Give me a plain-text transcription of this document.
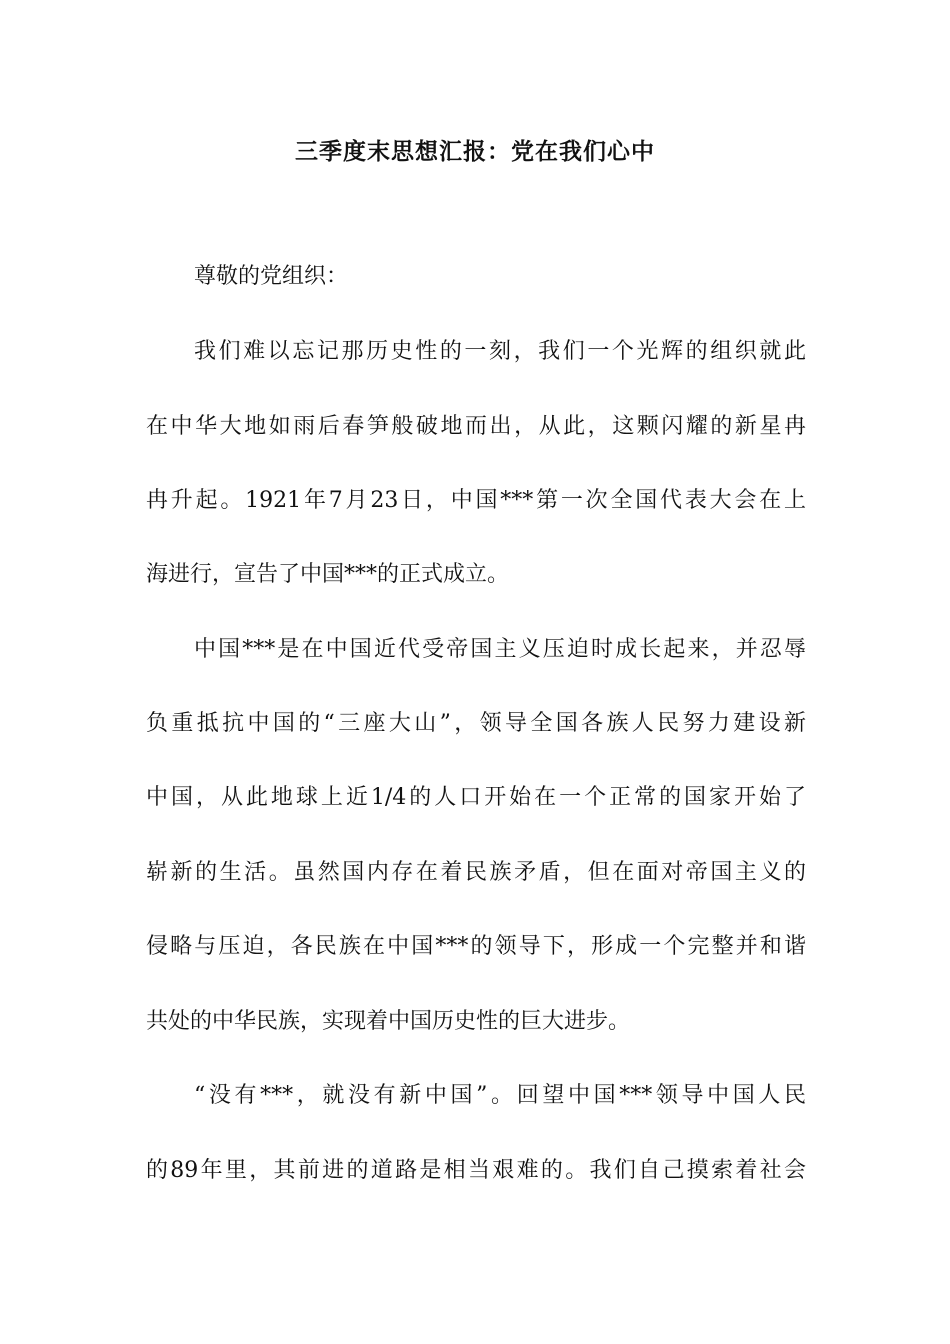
三季度末思想汇报：党在我们心中
尊敬的党组织：
我们难以忘记那历史性的一刻，我们一个光辉的组织就此
在中华大地如雨后春笋般破地而出，从此，这颗闪耀的新星冉
冉升起。1921年7月23日，中国***第一次全国代表大会在上
海进行，宣告了中国***的正式成立。
中国***是在中国近代受帝国主义压迫时成长起来，并忍辱
负重抵抗中国的“三座大山”，领导全国各族人民努力建设新
中国，从此地球上近1/4的人口开始在一个正常的国家开始了
崭新的生活。虽然国内存在着民族矛盾，但在面对帝国主义的
侵略与压迫，各民族在中国***的领导下，形成一个完整并和谐
共处的中华民族，实现着中国历史性的巨大进步。
“没有***，就没有新中国”。回望中国***领导中国人民
的89年里，其前进的道路是相当艰难的。我们自己摸索着社会
